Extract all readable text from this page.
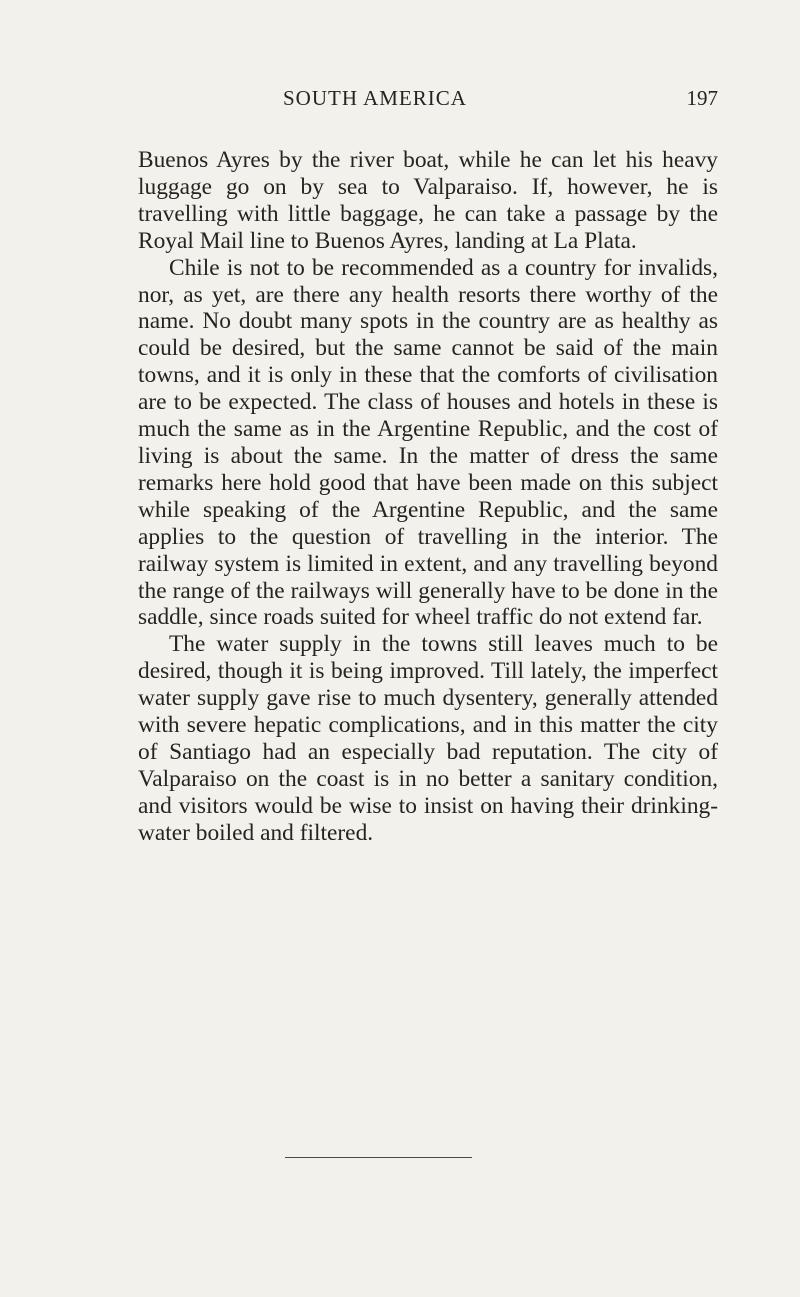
SOUTH AMERICA	197

Buenos Ayres by the river boat, while he can let his heavy luggage go on by sea to Valparaiso. If, however, he is travelling with little baggage, he can take a passage by the Royal Mail line to Buenos Ayres, landing at La Plata.

Chile is not to be recommended as a country for invalids, nor, as yet, are there any health resorts there worthy of the name. No doubt many spots in the country are as healthy as could be desired, but the same cannot be said of the main towns, and it is only in these that the comforts of civilisation are to be expected. The class of houses and hotels in these is much the same as in the Argentine Republic, and the cost of living is about the same. In the matter of dress the same remarks here hold good that have been made on this subject while speaking of the Argentine Republic, and the same applies to the question of travelling in the interior. The railway system is limited in extent, and any travelling beyond the range of the railways will generally have to be done in the saddle, since roads suited for wheel traffic do not extend far.

The water supply in the towns still leaves much to be desired, though it is being improved. Till lately, the imperfect water supply gave rise to much dysentery, generally attended with severe hepatic complications, and in this matter the city of Santiago had an especially bad reputation. The city of Valparaiso on the coast is in no better a sanitary condition, and visitors would be wise to insist on having their drinking-water boiled and filtered.
